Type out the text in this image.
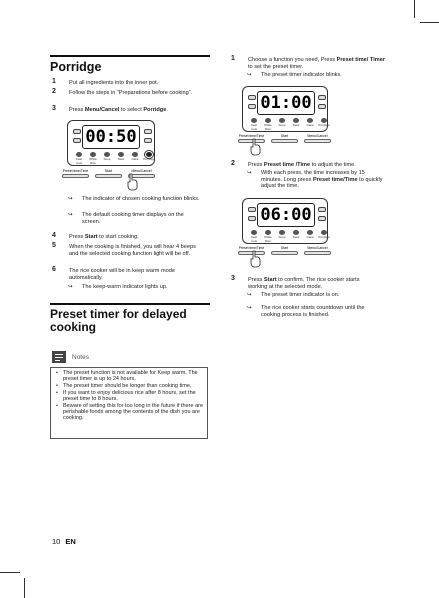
Porridge
1 Put all ingredients into the inner pot.
2 Follow the steps in “Preparations before cooking”.
3 Press Menu/Cancel to select Porridge.
00:50
Fast cook
White Rice
Soup	Stew	Cake	Porridge
Preset time/Time	Start	Menu/Cancel
↪ The indicator of chosen cooking function blinks.
↪ The default cooking timer displays on the screen.
4 Press Start to start cooking.
5 When the cooking is finished, you will hear 4 beeps and the selected cooking function light will be off.
6 The rice cooker will be in keep warm mode automatically.
↪ The keep-warm indicator lights up.
Preset timer for delayed
cooking
Notes
• The preset function is not available for Keep warm. The preset timer is up to 24 hours.
• The preset timer should be longer than cooking time.
• If you want to enjoy delicious rice after 8 hours, set the preset time to 8 hours.
• Beware of setting this for too long in the future if there are perishable foods among the contents of the dish you are cooking.
1 Choose a function you need, Press Preset time/ Timer to set the preset timer.
↪ The preset timer indicator blinks.
01:00
Fast cook
White Rice
Soup	Stew	Cake	Porridge
Preset time/Time	Start	Menu/Cancel
2 Press Preset time /Time to adjust the time.
↪ With each press, the time increases by 15 minutes. Long press Preset time/Time to quickly adjust the time.
06:00
Fast cook
White Rice
Soup	Stew	Cake	Porridge
Preset time/Time	Start	Menu/Cancel
3 Press Start to confirm. The rice cooker starts working at the selected mode.
↪ The preset timer indicator is on.
↪ The rice cooker starts countdown until the cooking process is finished.
10 EN
